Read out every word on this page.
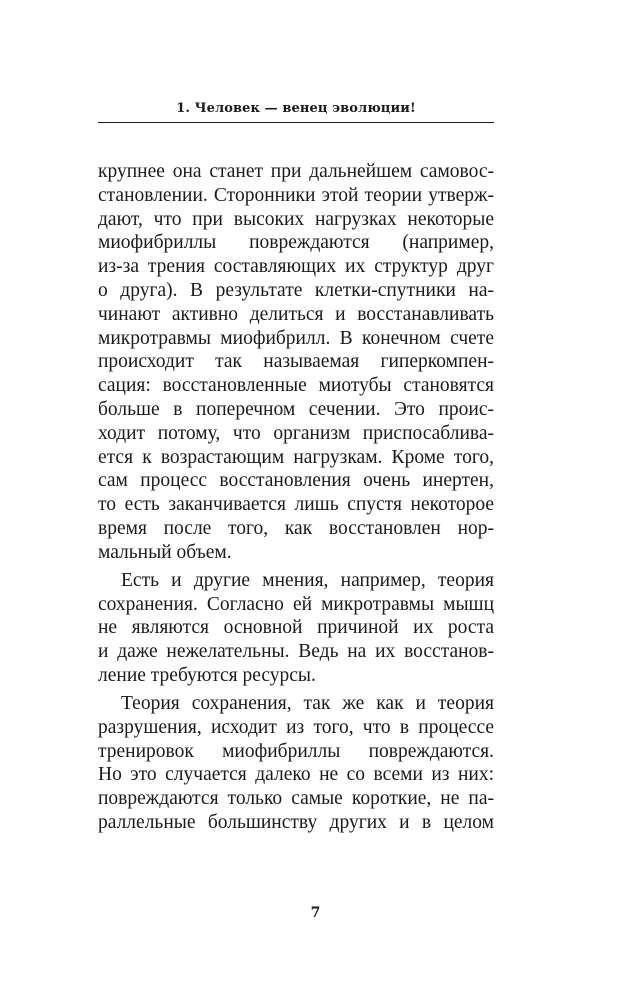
1. Человек — венец эволюции!
крупнее она станет при дальнейшем самовос-
становлении. Сторонники этой теории утверж-
дают, что при высоких нагрузках некоторые
миофибриллы повреждаются (например,
из-за трения составляющих их структур друг
о друга). В результате клетки-спутники на-
чинают активно делиться и восстанавливать
микротравмы миофибрилл. В конечном счете
происходит так называемая гиперкомпен-
сация: восстановленные миотубы становятся
больше в поперечном сечении. Это проис-
ходит потому, что организм приспосаблива-
ется к возрастающим нагрузкам. Кроме того,
сам процесс восстановления очень инертен,
то есть заканчивается лишь спустя некоторое
время после того, как восстановлен нор-
мальный объем.
Есть и другие мнения, например, теория
сохранения. Согласно ей микротравмы мышц
не являются основной причиной их роста
и даже нежелательны. Ведь на их восстанов-
ление требуются ресурсы.
Теория сохранения, так же как и теория
разрушения, исходит из того, что в процессе
тренировок миофибриллы повреждаются.
Но это случается далеко не со всеми из них:
повреждаются только самые короткие, не па-
раллельные большинству других и в целом
7
